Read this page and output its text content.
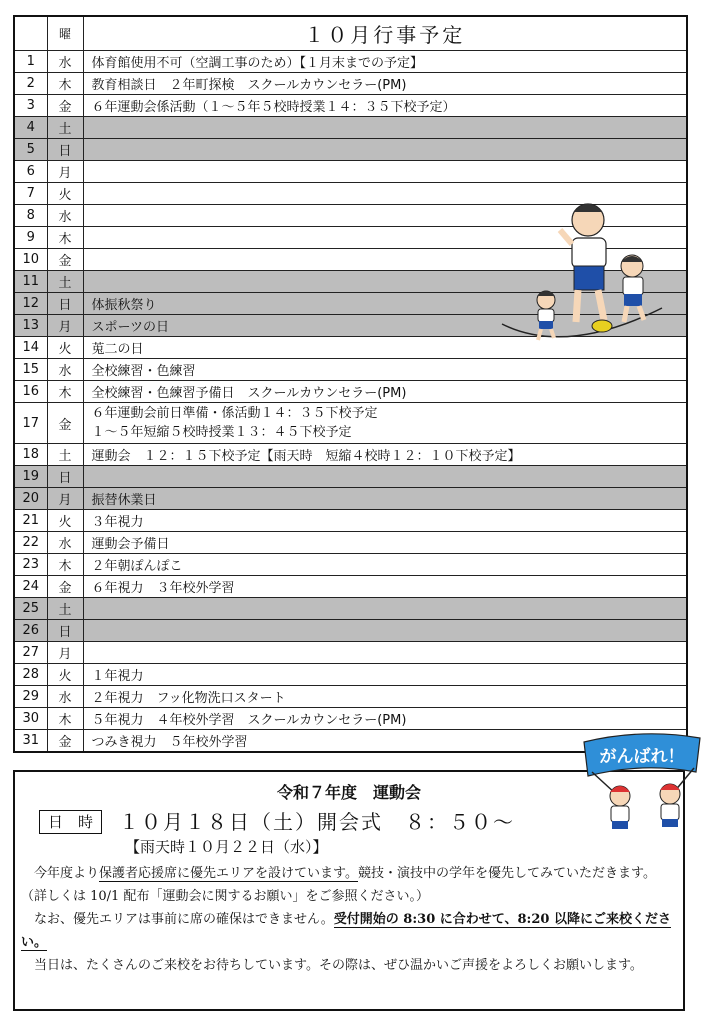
	曜	１０月行事予定
1	水	体育館使用不可（空調工事のため）【１月末までの予定】

2	木	教育相談日　２年町探検　スクールカウンセラー(PM)

3	金	６年運動会係活動（１～５年５校時授業１４：３５下校予定）

4	土	
5	日	
6	月	
7	火	
8	水	
9	木	
10	金	
11	土	
12	日	体振秋祭り

13	月	スポーツの日

14	火	莵二の日

15	水	全校練習・色練習

16	木	全校練習・色練習予備日　スクールカウンセラー(PM)

17	金	６年運動会前日準備・係活動１４：３５下校予定
１～５年短縮５校時授業１３：４５下校予定

18	土	運動会　１２：１５下校予定【雨天時　短縮４校時１２：１０下校予定】

19	日	
20	月	振替休業日

21	火	３年視力

22	水	運動会予備日

23	木	２年朝ぽんぽこ

24	金	６年視力　３年校外学習

25	土	
26	日	
27	月	
28	火	１年視力

29	水	２年視力　フッ化物洗口スタート

30	木	５年視力　４年校外学習　スクールカウンセラー(PM)

31	金	つみき視力　５年校外学習
令和７年度　運動会
日　時	１０月１８日（土）開会式　８：５０～
【雨天時１０月２２日（水）】

今年度より保護者応援席に優先エリアを設けています。競技・演技中の学年を優先してみていただきます。（詳しくは 10/1 配布「運動会に関するお願い」をご参照ください。）

なお、優先エリアは事前に席の確保はできません。受付開始の 8:30 に合わせて、8:20 以降にご来校ください。

当日は、たくさんのご来校をお待ちしています。その際は、ぜひ温かいご声援をよろしくお願いします。

がんばれ！
